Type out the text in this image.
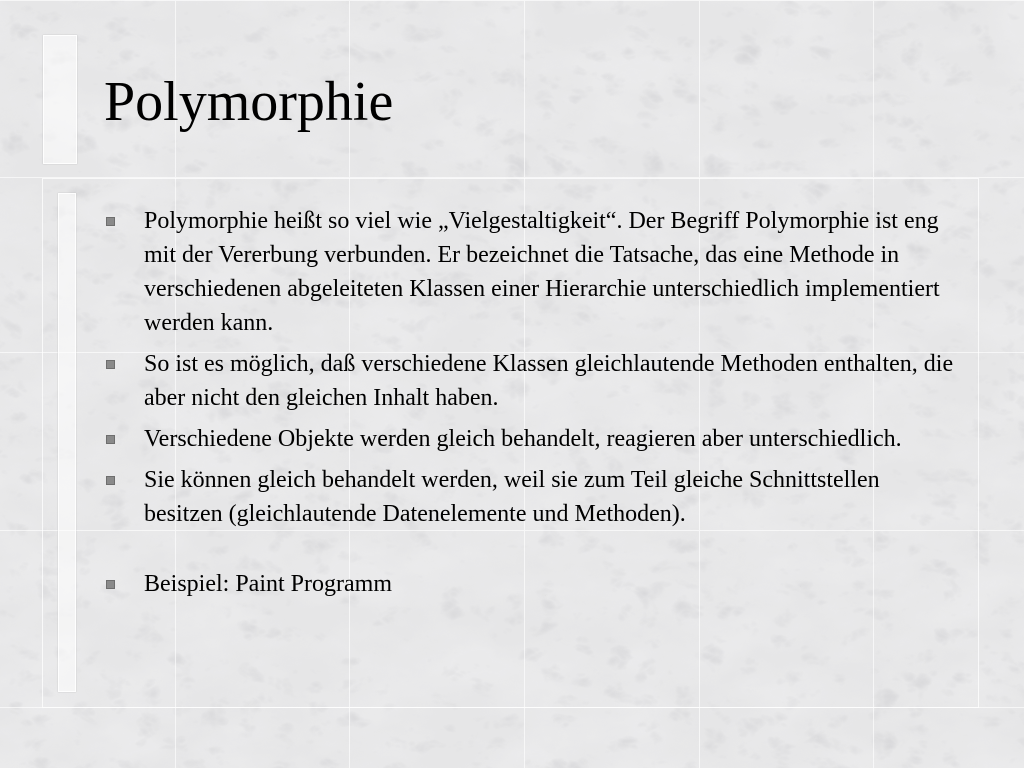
Polymorphie
Polymorphie heißt so viel wie „Vielgestaltigkeit“. Der Begriff Polymorphie ist eng mit der Vererbung verbunden. Er bezeichnet die Tatsache, das eine Methode in verschiedenen abgeleiteten Klassen einer Hierarchie unterschiedlich implementiert werden kann.
So ist es möglich, daß verschiedene Klassen gleichlautende Methoden enthalten, die aber nicht den gleichen Inhalt haben.
Verschiedene Objekte werden gleich behandelt, reagieren aber unterschiedlich.
Sie können gleich behandelt werden, weil sie zum Teil gleiche Schnittstellen besitzen (gleichlautende Datenelemente und Methoden).
Beispiel: Paint Programm
